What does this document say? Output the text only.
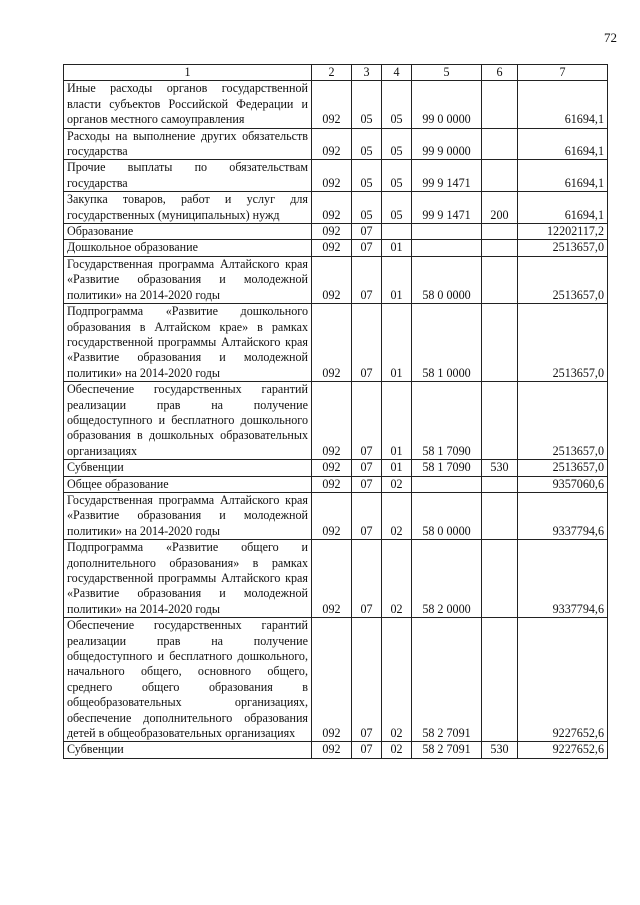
72
1	2	3	4	5	6	7
Иные расходы органов государственной власти субъектов Российской Федерации и органов местного самоуправления	092	05	05	99 0 0000		61694,1
Расходы на выполнение других обязательств государства	092	05	05	99 9 0000		61694,1
Прочие выплаты по обязательствам государства	092	05	05	99 9 1471		61694,1
Закупка товаров, работ и услуг для государственных (муниципальных) нужд	092	05	05	99 9 1471	200	61694,1
Образование	092	07				12202117,2
Дошкольное образование	092	07	01			2513657,0
Государственная программа Алтайского края «Развитие образования и молодежной политики» на 2014-2020 годы	092	07	01	58 0 0000		2513657,0
Подпрограмма «Развитие дошкольного образования в Алтайском крае» в рамках государственной программы Алтайского края «Развитие образования и молодежной политики» на 2014-2020 годы	092	07	01	58 1 0000		2513657,0
Обеспечение государственных гарантий реализации прав на получение общедоступного и бесплатного дошкольного образования в дошкольных образовательных организациях	092	07	01	58 1 7090		2513657,0
Субвенции	092	07	01	58 1 7090	530	2513657,0
Общее образование	092	07	02			9357060,6
Государственная программа Алтайского края «Развитие образования и молодежной политики» на 2014-2020 годы	092	07	02	58 0 0000		9337794,6
Подпрограмма «Развитие общего и дополнительного образования» в рамках государственной программы Алтайского края «Развитие образования и молодежной политики» на 2014-2020 годы	092	07	02	58 2 0000		9337794,6
Обеспечение государственных гарантий реализации прав на получение общедоступного и бесплатного дошкольного, начального общего, основного общего, среднего общего образования в общеобразовательных организациях, обеспечение дополнительного образования детей в общеобразовательных организациях	092	07	02	58 2 7091		9227652,6
Субвенции	092	07	02	58 2 7091	530	9227652,6
